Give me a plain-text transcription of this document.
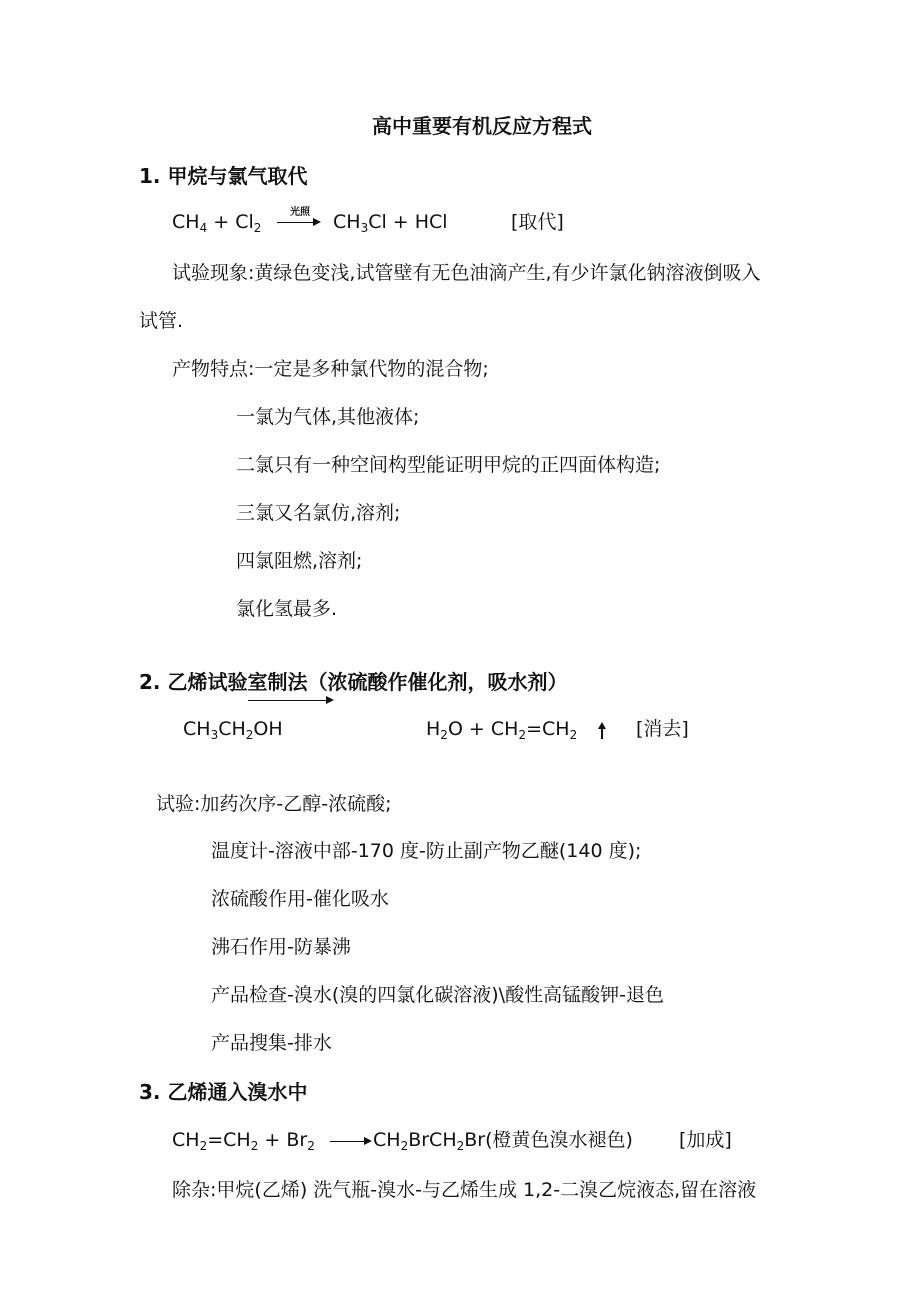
高中重要有机反应方程式
1. 甲烷与氯气取代
$CH_4 + Cl_2$
光照 $CH_3Cl$ + HCl	[取代]
试验现象:黄绿色变浅,试管壁有无色油滴产生,有少许氯化钠溶液倒吸入
试管.
产物特点:一定是多种氯代物的混合物;
一氯为气体,其他液体;
二氯只有一种空间构型能证明甲烷的正四面体构造;
三氯又名氯仿,溶剂;
四氯阻燃,溶剂;
氯化氢最多.
2. 乙烯试验室制法（浓硫酸作催化剂，吸水剂）
$CH_3CH_2OH$	$H_2O + CH_2=CH_2$	[消去]
试验:加药次序-乙醇-浓硫酸;
温度计-溶液中部-170 度-防止副产物乙醚(140 度);
浓硫酸作用-催化吸水
沸石作用-防暴沸
产品检查-溴水(溴的四氯化碳溶液)\酸性高锰酸钾-退色
产品搜集-排水
3. 乙烯通入溴水中
$CH_2=CH_2 + Br_2$	$CH_2BrCH_2Br$(橙黄色溴水褪色) [加成]
除杂:甲烷(乙烯) 洗气瓶-溴水-与乙烯生成 1,2-二溴乙烷液态,留在溶液
